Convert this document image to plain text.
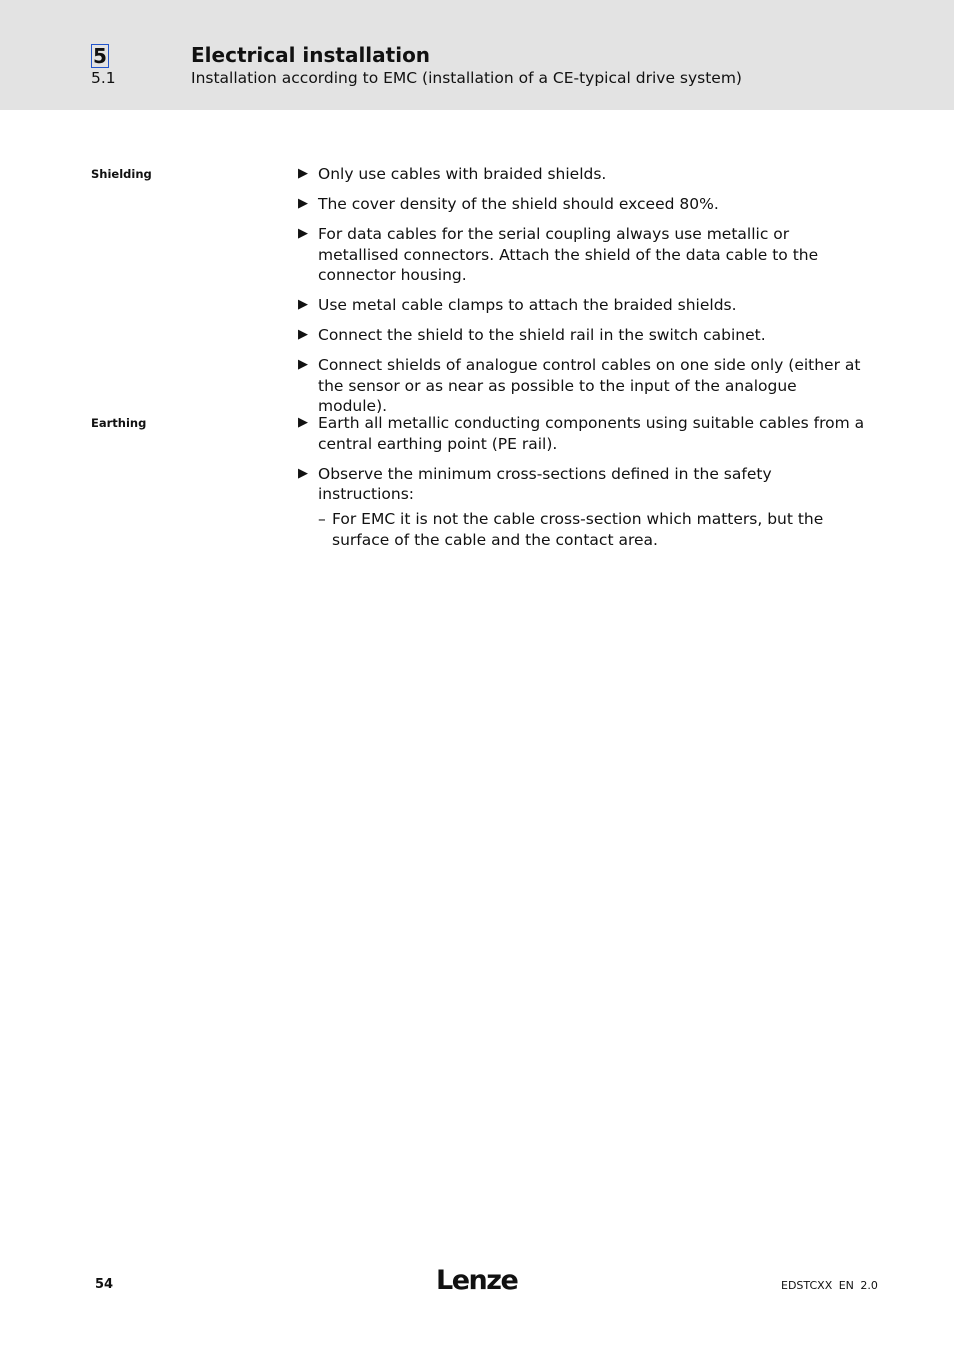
5	Electrical installation
5.1	Installation according to EMC (installation of a CE-typical drive system)
Shielding	▶ Only use cables with braided shields.
▶ The cover density of the shield should exceed 80%.
▶ For data cables for the serial coupling always use metallic or metallised connectors. Attach the shield of the data cable to the connector housing.
▶ Use metal cable clamps to attach the braided shields.
▶ Connect the shield to the shield rail in the switch cabinet.
▶ Connect shields of analogue control cables on one side only (either at the sensor or as near as possible to the input of the analogue module).
Earthing	▶ Earth all metallic conducting components using suitable cables from a central earthing point (PE rail).
▶ Observe the minimum cross-sections defined in the safety instructions:
– For EMC it is not the cable cross-section which matters, but the surface of the cable and the contact area.
54	Lenze	EDSTCXX EN 2.0
